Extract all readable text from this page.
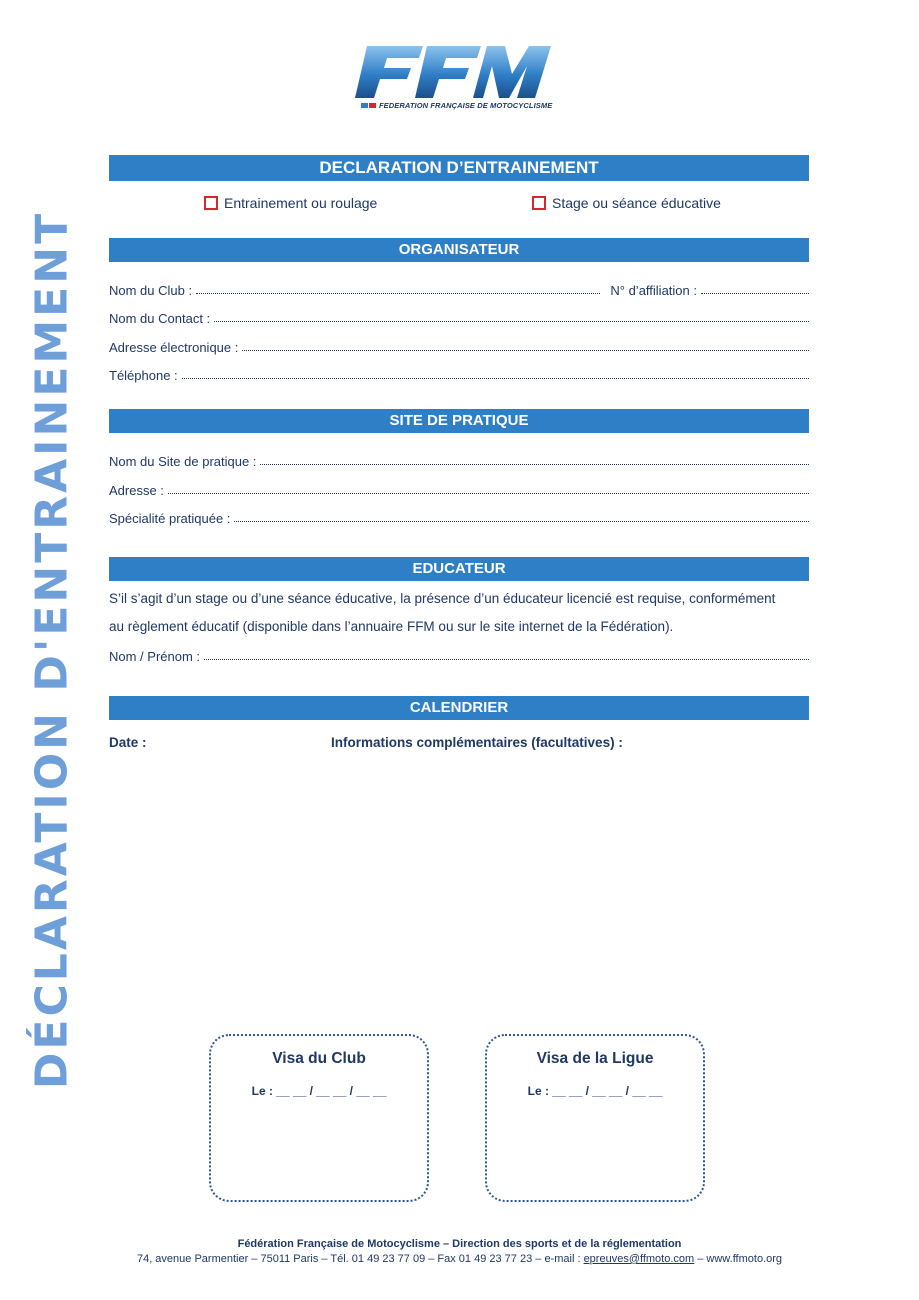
FEDERATION FRANÇAISE DE MOTOCYCLISME
DÉCLARATION D'ENTRAINEMENT
DECLARATION D’ENTRAINEMENT
Entrainement ou roulage	Stage ou séance éducative
ORGANISATEUR
Nom du Club :	N° d’affiliation :
Nom du Contact :
Adresse électronique :
Téléphone :
SITE DE PRATIQUE
Nom du Site de pratique :
Adresse :
Spécialité pratiquée :
EDUCATEUR
S’il s’agit d’un stage ou d’une séance éducative, la présence d’un éducateur licencié est requise, conformément
au règlement éducatif (disponible dans l’annuaire FFM ou sur le site internet de la Fédération).
Nom / Prénom :
CALENDRIER
Date :	Informations complémentaires (facultatives) :
Visa du Club
Le : __ __ / __ __ / __ __
Visa de la Ligue
Le : __ __ / __ __ / __ __
Fédération Française de Motocyclisme – Direction des sports et de la réglementation
74, avenue Parmentier – 75011 Paris – Tél. 01 49 23 77 09 – Fax 01 49 23 77 23 – e-mail : epreuves@ffmoto.com – www.ffmoto.org
